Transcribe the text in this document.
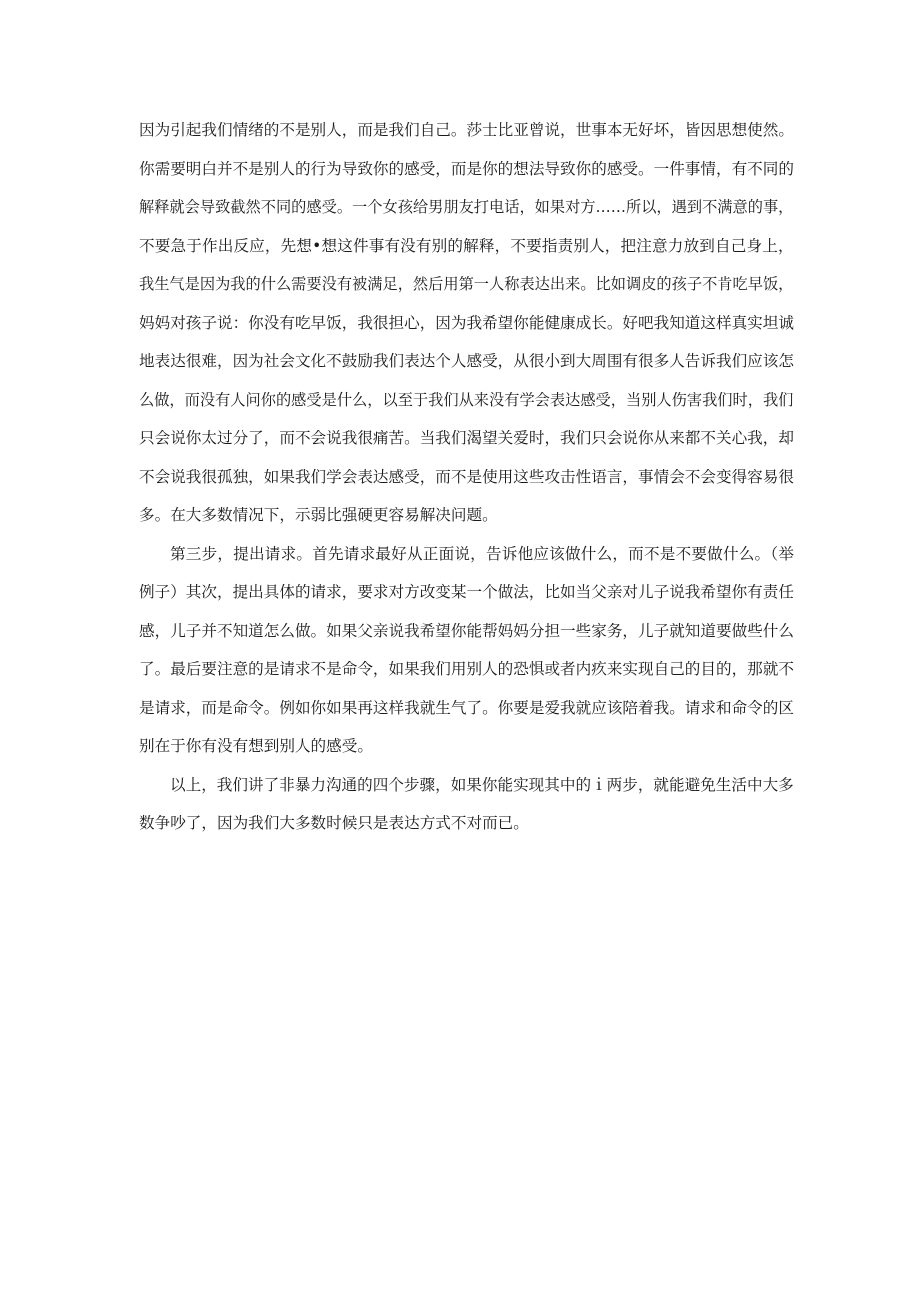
因为引起我们情绪的不是别人，而是我们自己。莎士比亚曾说，世事本无好坏，皆因思想使然。
你需要明白并不是别人的行为导致你的感受，而是你的想法导致你的感受。一件事情，有不同的
解释就会导致截然不同的感受。一个女孩给男朋友打电话，如果对方……所以，遇到不满意的事，
不要急于作出反应，先想•想这件事有没有别的解释，不要指责别人，把注意力放到自己身上，
我生气是因为我的什么需要没有被满足，然后用第一人称表达出来。比如调皮的孩子不肯吃早饭，
妈妈对孩子说：你没有吃早饭，我很担心，因为我希望你能健康成长。好吧我知道这样真实坦诚
地表达很难，因为社会文化不鼓励我们表达个人感受，从很小到大周围有很多人告诉我们应该怎
么做，而没有人问你的感受是什么，以至于我们从来没有学会表达感受，当别人伤害我们时，我们
只会说你太过分了，而不会说我很痛苦。当我们渴望关爱时，我们只会说你从来都不关心我，却
不会说我很孤独，如果我们学会表达感受，而不是使用这些攻击性语言，事情会不会变得容易很
多。在大多数情况下，示弱比强硬更容易解决问题。
第三步，提出请求。首先请求最好从正面说，告诉他应该做什么，而不是不要做什么。（举
例子）其次，提出具体的请求，要求对方改变某一个做法，比如当父亲对儿子说我希望你有责任
感，儿子并不知道怎么做。如果父亲说我希望你能帮妈妈分担一些家务，儿子就知道要做些什么
了。最后要注意的是请求不是命令，如果我们用别人的恐惧或者内疚来实现自己的目的，那就不
是请求，而是命令。例如你如果再这样我就生气了。你要是爱我就应该陪着我。请求和命令的区
别在于你有没有想到别人的感受。
以上，我们讲了非暴力沟通的四个步骤，如果你能实现其中的ｉ两步，就能避免生活中大多
数争吵了，因为我们大多数时候只是表达方式不对而已。
